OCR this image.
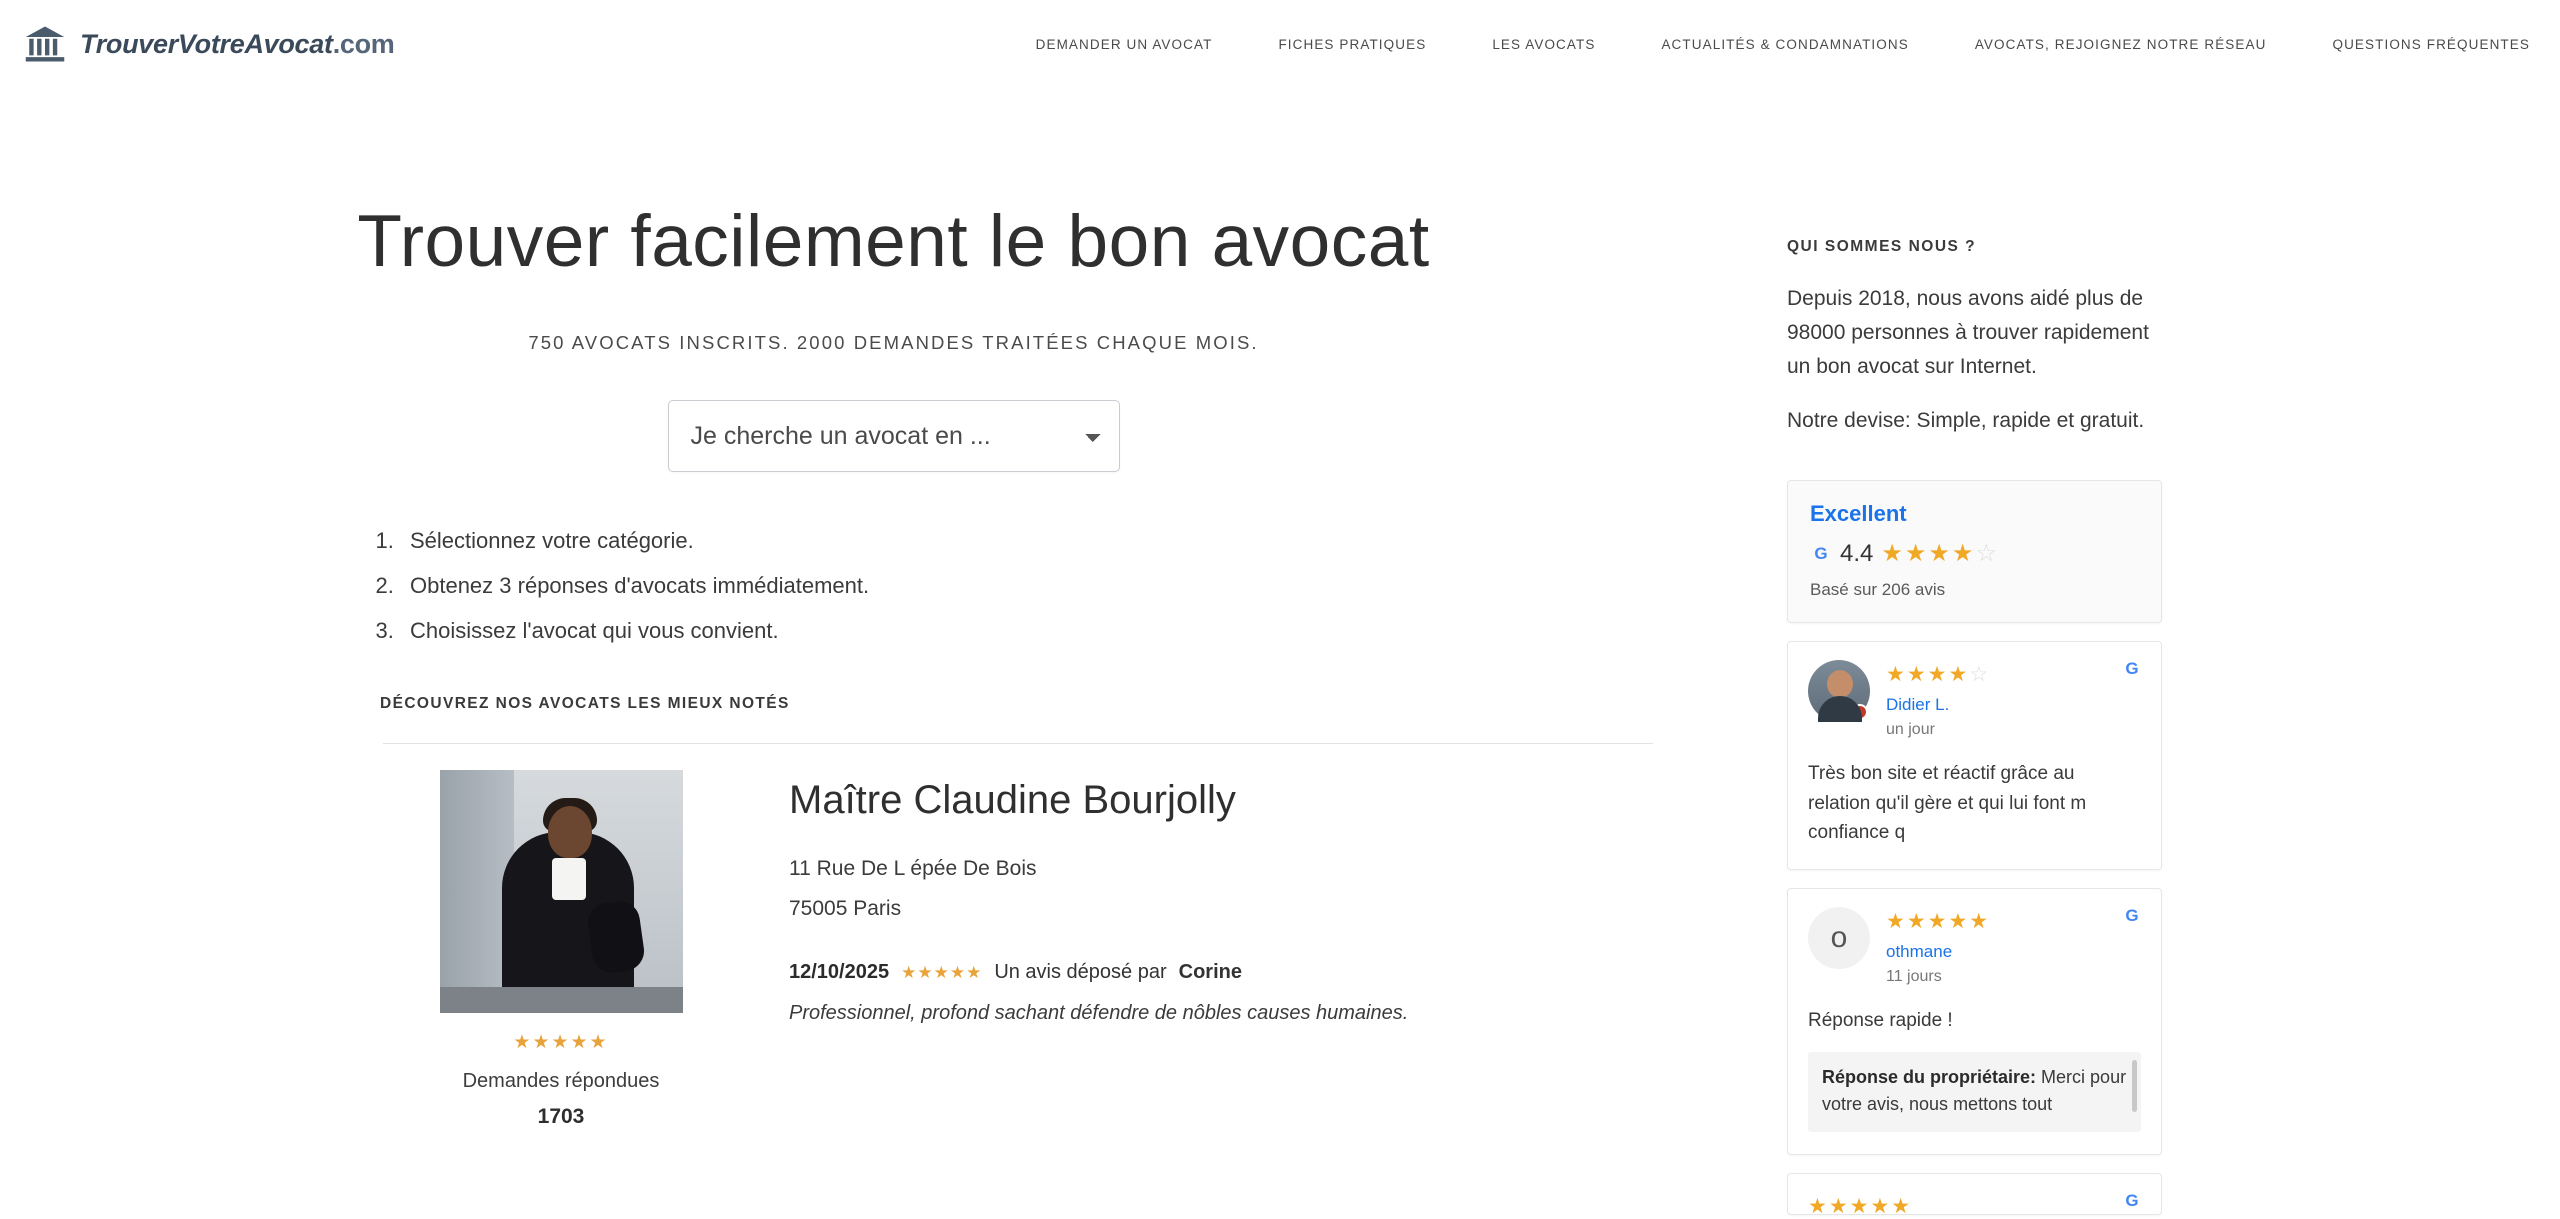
TrouverVotreAvocat.com	DEMANDER UN AVOCAT	FICHES PRATIQUES	LES AVOCATS	ACTUALITÉS & CONDAMNATIONS	AVOCATS, REJOIGNEZ NOTRE RÉSEAU	QUESTIONS FRÉQUENTES
Trouver facilement le bon avocat

750 AVOCATS INSCRITS. 2000 DEMANDES TRAITÉES CHAQUE MOIS.

Je cherche un avocat en ...
1. Sélectionnez votre catégorie.
2. Obtenez 3 réponses d'avocats immédiatement.
3. Choisissez l'avocat qui vous convient.
DÉCOUVREZ NOS AVOCATS LES MIEUX NOTÉS
★★★★★
Demandes répondues
1703
Maître Claudine Bourjolly
11 Rue De L épée De Bois
75005 Paris
12/10/2025 ★★★★★ Un avis déposé par Corine
Professionnel, profond sachant défendre de nôbles causes humaines.
QUI SOMMES NOUS ?

Depuis 2018, nous avons aidé plus de 98000 personnes à trouver rapidement un bon avocat sur Internet.

Notre devise: Simple, rapide et gratuit.

Excellent
G 4.4 ★★★★☆
Basé sur 206 avis
G
★★★★☆
Didier L.
un jour
Très bon site et réactif grâce au relation qu'il gère et qui lui font m confiance q
G
o	★★★★★
othmane
11 jours
Réponse rapide !
Réponse du propriétaire: Merci pour votre avis, nous mettons tout
G
★★★★★
